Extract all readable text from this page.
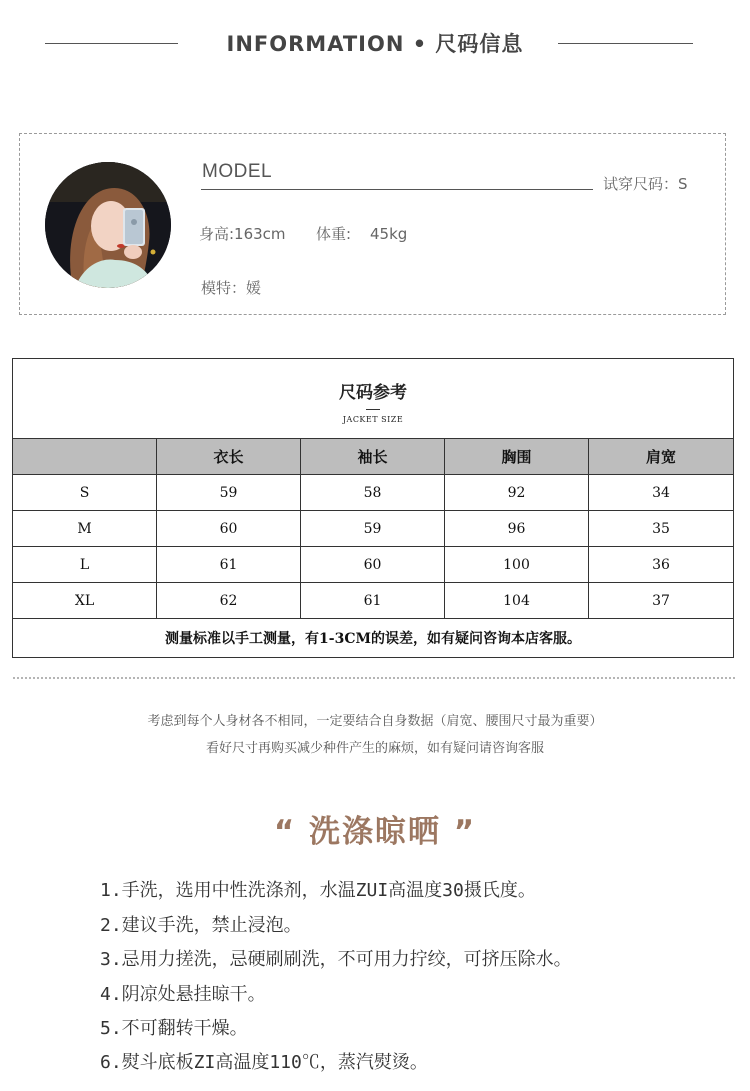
INFORMATION • 尺码信息
MODEL
试穿尺码：S
身高:163cm 体重: 45kg
模特：媛
尺码参考
JACKET SIZE				

	衣长	袖长	胸围	肩宽
S	59	58	92	34
M	60	59	96	35
L	61	60	100	36
XL	62	61	104	37
测量标准以手工测量，有1-3CM的误差，如有疑问咨询本店客服。				
考虑到每个人身材各不相同，一定要结合自身数据（肩宽、腰围尺寸最为重要）
看好尺寸再购买减少种件产生的麻烦，如有疑问请咨询客服
“ 洗涤晾晒 ”
1.手洗，选用中性洗涤剂，水温ZUI高温度30摄氏度。
2.建议手洗，禁止浸泡。
3.忌用力搓洗，忌硬刷刷洗，不可用力拧绞，可挤压除水。
4.阴凉处悬挂晾干。
5.不可翻转干燥。
6.熨斗底板ZI高温度110℃，蒸汽熨烫。
